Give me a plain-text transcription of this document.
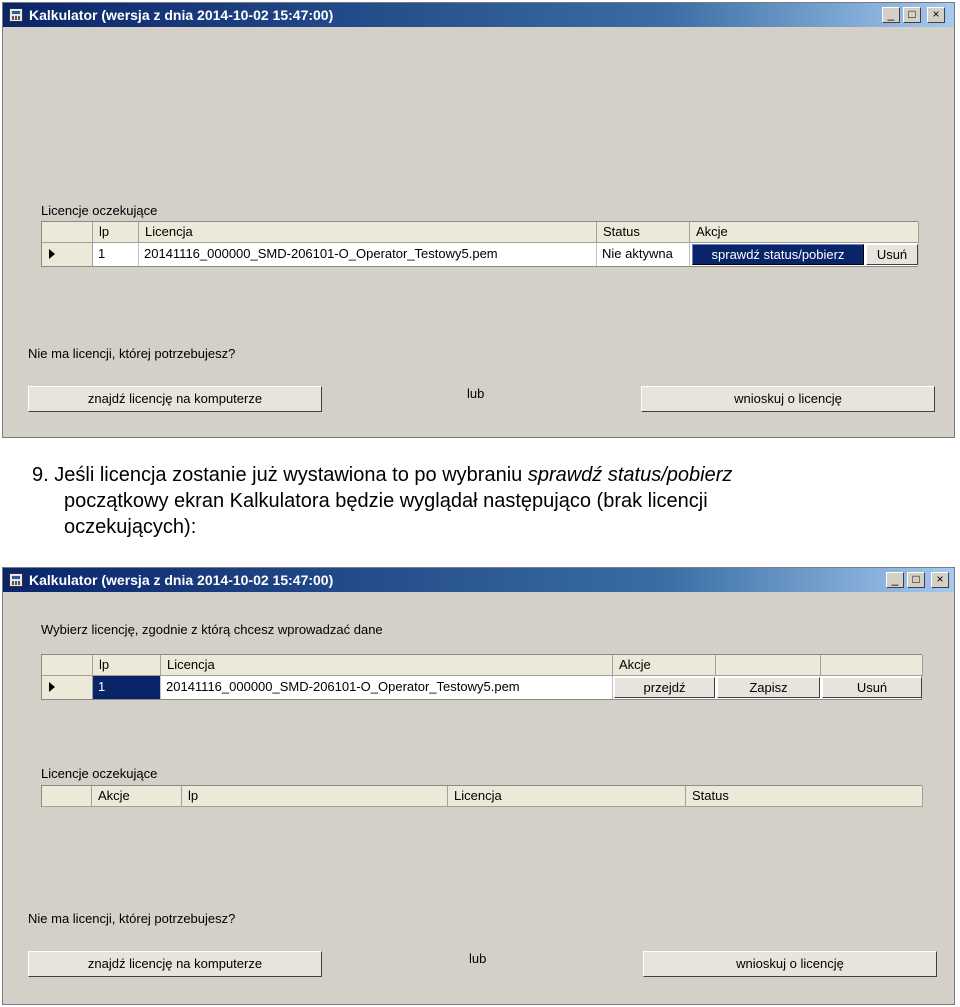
Kalkulator (wersja z dnia 2014-10-02 15:47:00)	_	□	×
Licencje oczekujące
lp	Licencja	Status	Akcje
1	20141116_000000_SMD-206101-O_Operator_Testowy5.pem	Nie aktywna	sprawdź status/pobierz	Usuń
Nie ma licencji, której potrzebujesz?
znajdź licencję na komputerze	lub	wnioskuj o licencję
9. Jeśli licencja zostanie już wystawiona to po wybraniu sprawdź status/pobierz
początkowy ekran Kalkulatora będzie wyglądał następująco (brak licencji
oczekujących):
Kalkulator (wersja z dnia 2014-10-02 15:47:00)	_	□	×
Wybierz licencję, zgodnie z którą chcesz wprowadzać dane
lp	Licencja	Akcje
1	20141116_000000_SMD-206101-O_Operator_Testowy5.pem	przejdź	Zapisz	Usuń
Licencje oczekujące
Akcje	lp	Licencja	Status
Nie ma licencji, której potrzebujesz?
znajdź licencję na komputerze	lub	wnioskuj o licencję
